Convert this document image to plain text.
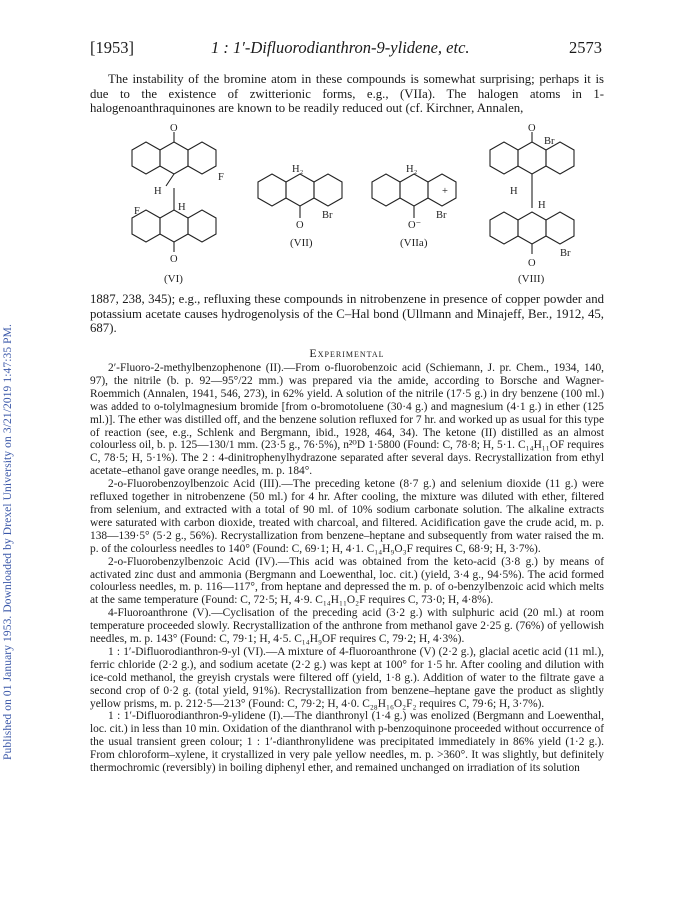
Published on 01 January 1953. Downloaded by Drexel University on 3/21/2019 1:47:35 PM.
[1953]	1 : 1′-Difluorodianthron-9-ylidene, etc.	2573
The instability of the bromine atom in these compounds is somewhat surprising; perhaps it is due to the existence of zwitterionic forms, e.g., (VIIa). The halogen atoms in 1-halogenoanthraquinones are known to be readily reduced out (cf. Kirchner, Annalen,
O
H
F
F	H
O
H₂
Br
O
H₂
Br
+
O⁻
O
Br
H
H
Br
O
(VI)
(VII)	(VIIa)
(VIII)
1887, 238, 345); e.g., refluxing these compounds in nitrobenzene in presence of copper powder and potassium acetate causes hydrogenolysis of the C–Hal bond (Ullmann and Minajeff, Ber., 1912, 45, 687).
Experimental

2′-Fluoro-2-methylbenzophenone (II).—From o-fluorobenzoic acid (Schiemann, J. pr. Chem., 1934, 140, 97), the nitrile (b. p. 92—95°/22 mm.) was prepared via the amide, according to Borsche and Wagner-Roemmich (Annalen, 1941, 546, 273), in 62% yield. A solution of the nitrile (17·5 g.) in dry benzene (100 ml.) was added to o-tolylmagnesium bromide [from o-bromotoluene (30·4 g.) and magnesium (4·1 g.) in ether (125 ml.)]. The ether was distilled off, and the benzene solution refluxed for 7 hr. and worked up as usual for this type of reaction (see, e.g., Schlenk and Bergmann, ibid., 1928, 464, 34). The ketone (II) distilled as an almost colourless oil, b. p. 125—130/1 mm. (23·5 g., 76·5%), n²⁰D 1·5800 (Found: C, 78·8; H, 5·1. C₁₄H₁₁OF requires C, 78·5; H, 5·1%). The 2 : 4-dinitrophenylhydrazone separated after several days. Recrystallization from ethyl acetate–ethanol gave orange needles, m. p. 184°.

2-o-Fluorobenzoylbenzoic Acid (III).—The preceding ketone (8·7 g.) and selenium dioxide (11 g.) were refluxed together in nitrobenzene (50 ml.) for 4 hr. After cooling, the mixture was diluted with ether, filtered from selenium, and extracted with a total of 90 ml. of 10% sodium carbonate solution. The alkaline extracts were saturated with carbon dioxide, treated with charcoal, and filtered. Acidification gave the crude acid, m. p. 138—139·5° (5·2 g., 56%). Recrystallization from benzene–heptane and subsequently from water raised the m. p. of the colourless needles to 140° (Found: C, 69·1; H, 4·1. C₁₄H₉O₃F requires C, 68·9; H, 3·7%).

2-o-Fluorobenzylbenzoic Acid (IV).—This acid was obtained from the keto-acid (3·8 g.) by means of activated zinc dust and ammonia (Bergmann and Loewenthal, loc. cit.) (yield, 3·4 g., 94·5%). The acid formed colourless needles, m. p. 116—117°, from heptane and depressed the m. p. of o-benzylbenzoic acid which melts at the same temperature (Found: C, 72·5; H, 4·9. C₁₄H₁₁O₂F requires C, 73·0; H, 4·8%).

4-Fluoroanthrone (V).—Cyclisation of the preceding acid (3·2 g.) with sulphuric acid (20 ml.) at room temperature proceeded slowly. Recrystallization of the anthrone from methanol gave 2·25 g. (76%) of yellowish needles, m. p. 143° (Found: C, 79·1; H, 4·5. C₁₄H₉OF requires C, 79·2; H, 4·3%).

1 : 1′-Difluorodianthron-9-yl (VI).—A mixture of 4-fluoroanthrone (V) (2·2 g.), glacial acetic acid (11 ml.), ferric chloride (2·2 g.), and sodium acetate (2·2 g.) was kept at 100° for 1·5 hr. After cooling and dilution with ice-cold methanol, the greyish crystals were filtered off (yield, 1·8 g.). Addition of water to the filtrate gave a second crop of 0·2 g. (total yield, 91%). Recrystallization from benzene–heptane gave the product as slightly yellow prisms, m. p. 212·5—213° (Found: C, 79·2; H, 4·0. C₂₈H₁₆O₂F₂ requires C, 79·6; H, 3·7%).

1 : 1′-Difluorodianthron-9-ylidene (I).—The dianthronyl (1·4 g.) was enolized (Bergmann and Loewenthal, loc. cit.) in less than 10 min. Oxidation of the dianthranol with p-benzoquinone proceeded without occurrence of the usual transient green colour; 1 : 1′-dianthronylidene was precipitated immediately in 86% yield (1·2 g.). From chloroform–xylene, it crystallized in very pale yellow needles, m. p. >360°. It was slightly, but definitely thermochromic (reversibly) in boiling diphenyl ether, and remained unchanged on irradiation of its solution
